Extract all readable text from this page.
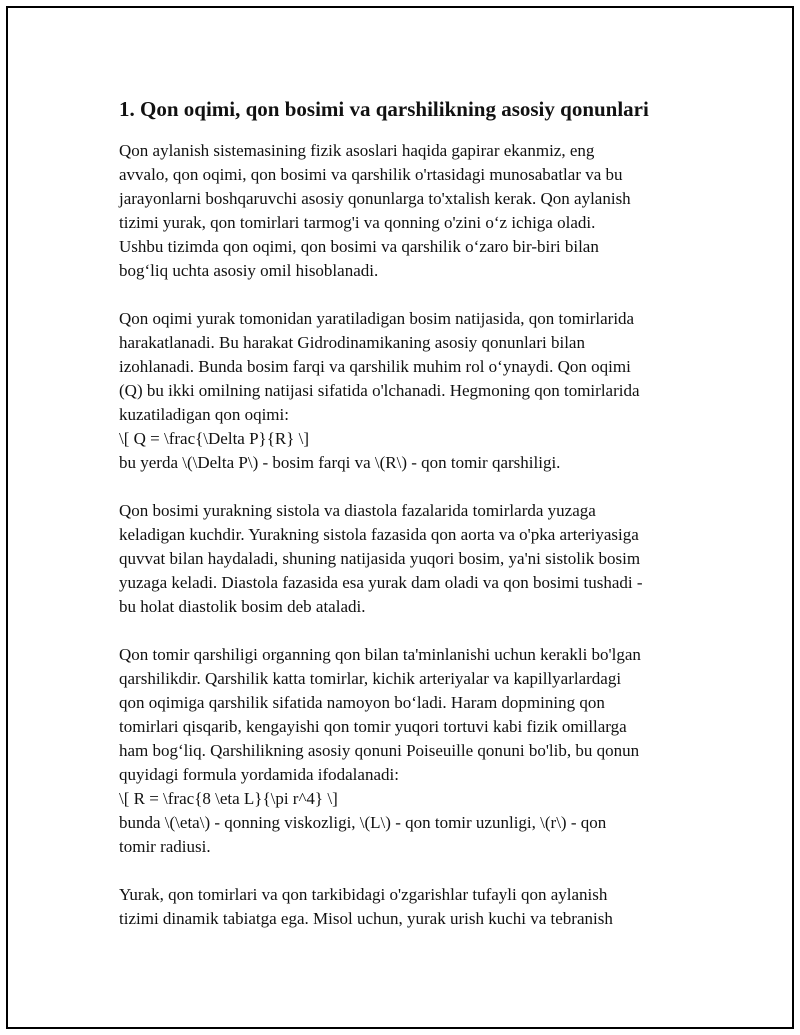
1. Qon oqimi, qon bosimi va qarshilikning asosiy qonunlari
Qon aylanish sistemasining fizik asoslari haqida gapirar ekanmiz, eng
avvalo, qon oqimi, qon bosimi va qarshilik o'rtasidagi munosabatlar va bu
jarayonlarni boshqaruvchi asosiy qonunlarga to'xtalish kerak. Qon aylanish
tizimi yurak, qon tomirlari tarmog'i va qonning o'zini o‘z ichiga oladi.
Ushbu tizimda qon oqimi, qon bosimi va qarshilik o‘zaro bir-biri bilan
bog‘liq uchta asosiy omil hisoblanadi.
Qon oqimi yurak tomonidan yaratiladigan bosim natijasida, qon tomirlarida
harakatlanadi. Bu harakat Gidrodinamikaning asosiy qonunlari bilan
izohlanadi. Bunda bosim farqi va qarshilik muhim rol o‘ynaydi. Qon oqimi
(Q) bu ikki omilning natijasi sifatida o'lchanadi. Hegmoning qon tomirlarida
kuzatiladigan qon oqimi:
\[ Q = \frac{\Delta P}{R} \]
bu yerda \(\Delta P\) - bosim farqi va \(R\) - qon tomir qarshiligi.
Qon bosimi yurakning sistola va diastola fazalarida tomirlarda yuzaga
keladigan kuchdir. Yurakning sistola fazasida qon aorta va o'pka arteriyasiga
quvvat bilan haydaladi, shuning natijasida yuqori bosim, ya'ni sistolik bosim
yuzaga keladi. Diastola fazasida esa yurak dam oladi va qon bosimi tushadi -
bu holat diastolik bosim deb ataladi.
Qon tomir qarshiligi organning qon bilan ta'minlanishi uchun kerakli bo'lgan
qarshilikdir. Qarshilik katta tomirlar, kichik arteriyalar va kapillyarlardagi
qon oqimiga qarshilik sifatida namoyon bo‘ladi. Haram dopmining qon
tomirlari qisqarib, kengayishi qon tomir yuqori tortuvi kabi fizik omillarga
ham bog‘liq. Qarshilikning asosiy qonuni Poiseuille qonuni bo'lib, bu qonun
quyidagi formula yordamida ifodalanadi:
\[ R = \frac{8 \eta L}{\pi r^4} \]
bunda \(\eta\) - qonning viskozligi, \(L\) - qon tomir uzunligi, \(r\) - qon
tomir radiusi.
Yurak, qon tomirlari va qon tarkibidagi o'zgarishlar tufayli qon aylanish
tizimi dinamik tabiatga ega. Misol uchun, yurak urish kuchi va tebranish
